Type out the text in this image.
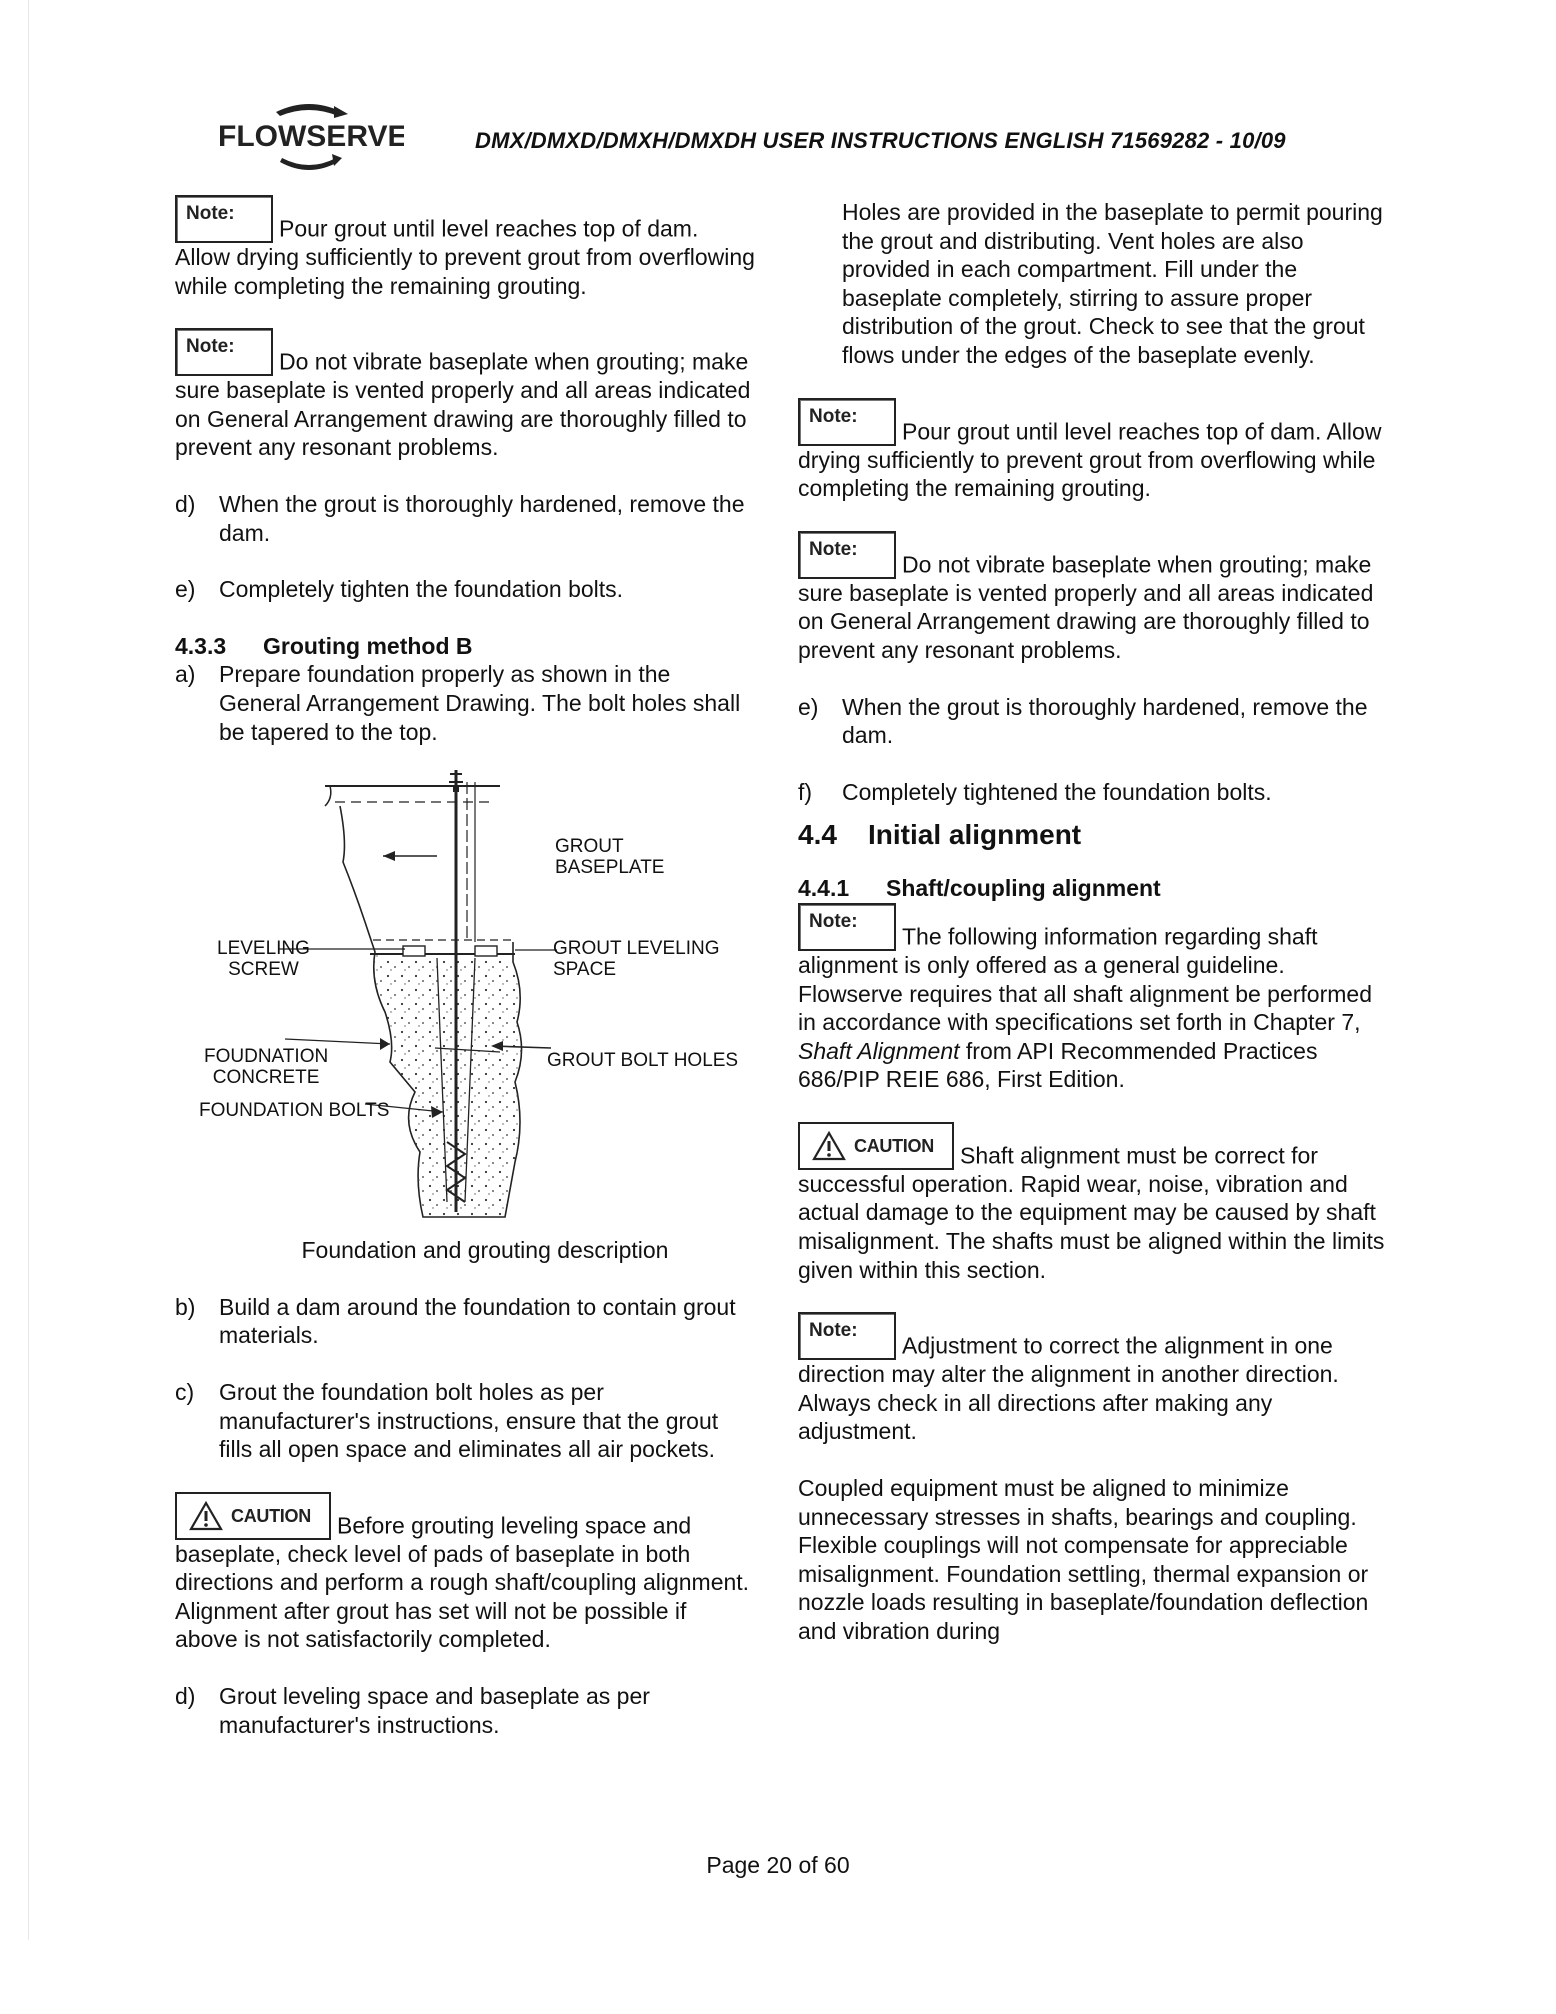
FLOWSERVE	DMX/DMXD/DMXH/DMXDH USER INSTRUCTIONS ENGLISH 71569282 - 10/09

Note:
Pour grout until level reaches top of dam. Allow drying sufficiently to prevent grout from overflowing while completing the remaining grouting.

Note:
Do not vibrate baseplate when grouting; make sure baseplate is vented properly and all areas indicated on General Arrangement drawing are thoroughly filled to prevent any resonant problems.

d)	When the grout is thoroughly hardened, remove the dam.
e)	Completely tighten the foundation bolts.
4.3.3 Grouting method B
a)	Prepare foundation properly as shown in the General Arrangement Drawing. The bolt holes shall be tapered to the top.
GROUT
BASEPLATE
LEVELING
SCREW
GROUT LEVELING
SPACE
FOUDNATION
CONCRETE
GROUT BOLT HOLES
FOUNDATION BOLTS

Foundation and grouting description

b)	Build a dam around the foundation to contain grout materials.
c)	Grout the foundation bolt holes as per manufacturer's instructions, ensure that the grout fills all open space and eliminates all air pockets.

CAUTION Before grouting leveling space and baseplate, check level of pads of baseplate in both directions and perform a rough shaft/coupling alignment. Alignment after grout has set will not be possible if above is not satisfactorily completed.

d)	Grout leveling space and baseplate as per manufacturer's instructions.

Holes are provided in the baseplate to permit pouring the grout and distributing. Vent holes are also provided in each compartment. Fill under the baseplate completely, stirring to assure proper distribution of the grout. Check to see that the grout flows under the edges of the baseplate evenly.

Note:
Pour grout until level reaches top of dam. Allow drying sufficiently to prevent grout from overflowing while completing the remaining grouting.

Note:
Do not vibrate baseplate when grouting; make sure baseplate is vented properly and all areas indicated on General Arrangement drawing are thoroughly filled to prevent any resonant problems.

e)	When the grout is thoroughly hardened, remove the dam.
f)	Completely tightened the foundation bolts.
4.4 Initial alignment
4.4.1 Shaft/coupling alignment

Note:
The following information regarding shaft alignment is only offered as a general guideline. Flowserve requires that all shaft alignment be performed in accordance with specifications set forth in Chapter 7, Shaft Alignment from API Recommended Practices 686/PIP REIE 686, First Edition.

CAUTION Shaft alignment must be correct for successful operation. Rapid wear, noise, vibration and actual damage to the equipment may be caused by shaft misalignment. The shafts must be aligned within the limits given within this section.

Note:
Adjustment to correct the alignment in one direction may alter the alignment in another direction. Always check in all directions after making any adjustment.

Coupled equipment must be aligned to minimize unnecessary stresses in shafts, bearings and coupling. Flexible couplings will not compensate for appreciable misalignment. Foundation settling, thermal expansion or nozzle loads resulting in baseplate/foundation deflection and vibration during

Page 20 of 60
